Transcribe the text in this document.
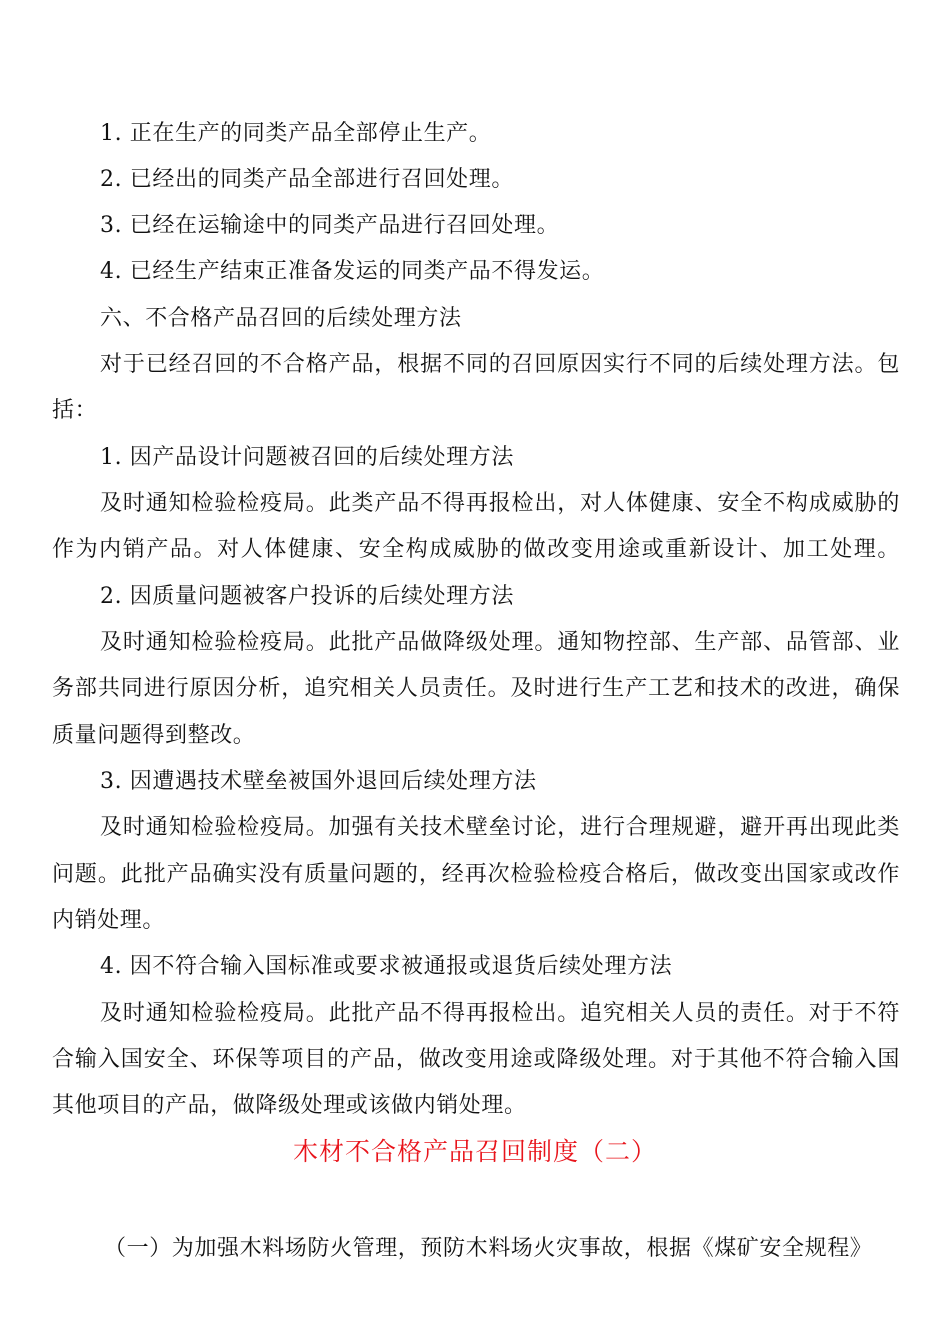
1. 正在生产的同类产品全部停止生产。
2. 已经出的同类产品全部进行召回处理。
3. 已经在运输途中的同类产品进行召回处理。
4. 已经生产结束正准备发运的同类产品不得发运。
六、不合格产品召回的后续处理方法
对于已经召回的不合格产品，根据不同的召回原因实行不同的后续处理方法。包
括：
1. 因产品设计问题被召回的后续处理方法
及时通知检验检疫局。此类产品不得再报检出，对人体健康、安全不构成威胁的
作为内销产品。对人体健康、安全构成威胁的做改变用途或重新设计、加工处理。
2. 因质量问题被客户投诉的后续处理方法
及时通知检验检疫局。此批产品做降级处理。通知物控部、生产部、品管部、业
务部共同进行原因分析，追究相关人员责任。及时进行生产工艺和技术的改进，确保
质量问题得到整改。
3. 因遭遇技术壁垒被国外退回后续处理方法
及时通知检验检疫局。加强有关技术壁垒讨论，进行合理规避，避开再出现此类
问题。此批产品确实没有质量问题的，经再次检验检疫合格后，做改变出国家或改作
内销处理。
4. 因不符合输入国标准或要求被通报或退货后续处理方法
及时通知检验检疫局。此批产品不得再报检出。追究相关人员的责任。对于不符
合输入国安全、环保等项目的产品，做改变用途或降级处理。对于其他不符合输入国
其他项目的产品，做降级处理或该做内销处理。
木材不合格产品召回制度（二）
（一）为加强木料场防火管理，预防木料场火灾事故，根据《煤矿安全规程》
